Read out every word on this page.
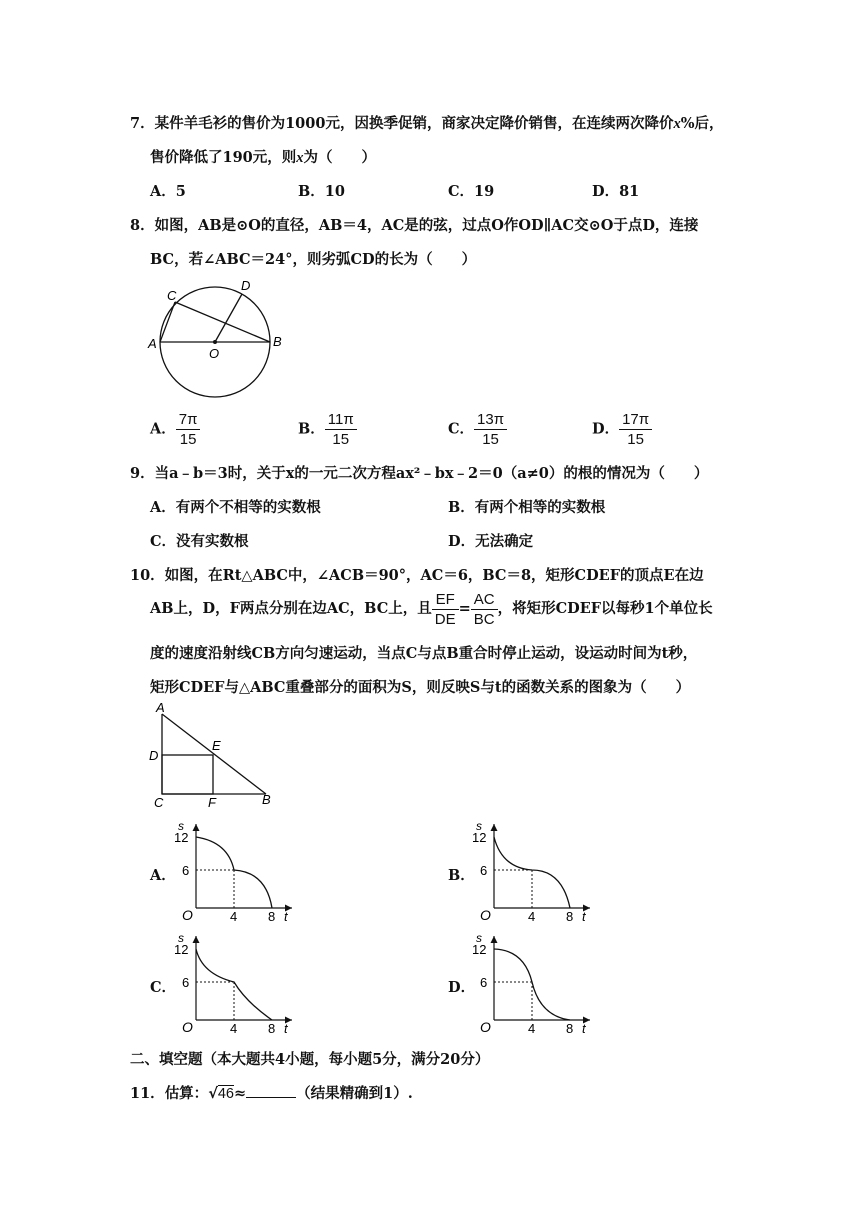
7．某件羊毛衫的售价为1000元，因换季促销，商家决定降价销售，在连续两次降价x%后，
售价降低了190元，则x为（　　）
A．5	B．10	C．19	D．81
8．如图，AB是⊙O的直径，AB＝4，AC是的弦，过点O作OD∥AC交⊙O于点D，连接
BC，若∠ABC＝24°，则劣弧CD的长为（　　）
A	B
C
D
O
A． $\frac{7\pi}{15}$	B． $\frac{11\pi}{15}$	C． $\frac{13\pi}{15}$	D． $\frac{17\pi}{15}$
9．当a﹣b＝3时，关于x的一元二次方程ax²﹣bx﹣2＝0（a≠0）的根的情况为（　　）
A．有两个不相等的实数根	B．有两个相等的实数根
C．没有实数根	D．无法确定
10．如图，在Rt△ABC中，∠ACB＝90°，AC＝6，BC＝8，矩形CDEF的顶点E在边
AB上，D，F两点分别在边AC，BC上，且 $\frac{EF}{DE} = \frac{AC}{BC}$ ，将矩形CDEF以每秒1个单位长
度的速度沿射线CB方向匀速运动，当点C与点B重合时停止运动，设运动时间为t秒，
矩形CDEF与△ABC重叠部分的面积为S，则反映S与t的函数关系的图象为（　　）
A
D
E
C	F	B
A．
s
12
6
O	4 8 t
B．
s
12
6
O	4 8 t
C．
s
12
6
O	4 8 t
D．
s
12
6
O	4 8 t
二、填空题（本大题共4小题，每小题5分，满分20分）
11．估算：√46≈	（结果精确到1）.
